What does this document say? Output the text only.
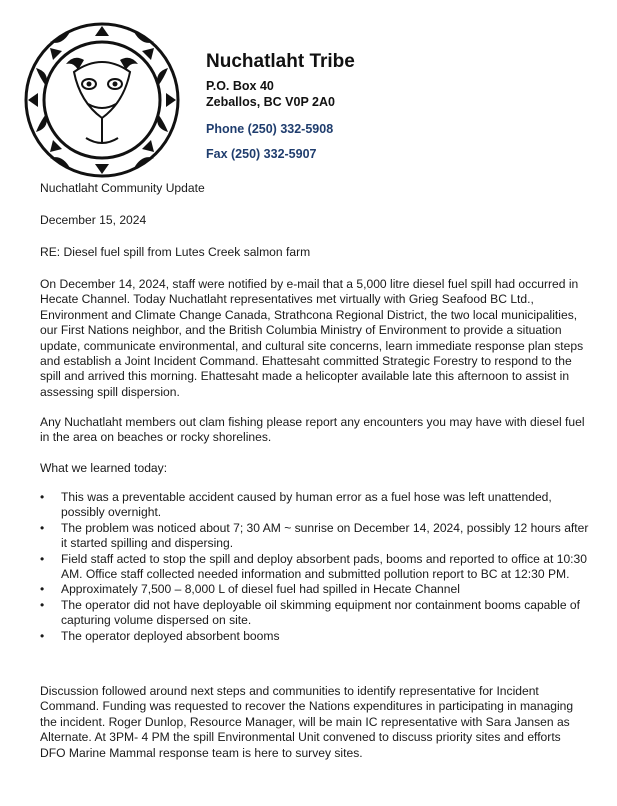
Nuchatlaht Tribe
P.O. Box 40
Zeballos, BC V0P 2A0
Phone (250) 332-5908
Fax (250) 332-5907
Nuchatlaht Community Update
December 15, 2024
RE: Diesel fuel spill from Lutes Creek salmon farm
On December 14, 2024, staff were notified by e-mail that a 5,000 litre diesel fuel spill had occurred in Hecate Channel. Today Nuchatlaht representatives met virtually with Grieg Seafood BC Ltd., Environment and Climate Change Canada, Strathcona Regional District, the two local municipalities, our First Nations neighbor, and the British Columbia Ministry of Environment to provide a situation update, communicate environmental, and cultural site concerns, learn immediate response plan steps and establish a Joint Incident Command. Ehattesaht committed Strategic Forestry to respond to the spill and arrived this morning. Ehattesaht made a helicopter available late this afternoon to assist in assessing spill dispersion.
Any Nuchatlaht members out clam fishing please report any encounters you may have with diesel fuel in the area on beaches or rocky shorelines.
What we learned today:
• This was a preventable accident caused by human error as a fuel hose was left unattended, possibly overnight.
• The problem was noticed about 7; 30 AM ~ sunrise on December 14, 2024, possibly 12 hours after it started spilling and dispersing.
• Field staff acted to stop the spill and deploy absorbent pads, booms and reported to office at 10:30 AM. Office staff collected needed information and submitted pollution report to BC at 12:30 PM.
• Approximately 7,500 – 8,000 L of diesel fuel had spilled in Hecate Channel
• The operator did not have deployable oil skimming equipment nor containment booms capable of capturing volume dispersed on site.
• The operator deployed absorbent booms
Discussion followed around next steps and communities to identify representative for Incident Command. Funding was requested to recover the Nations expenditures in participating in managing the incident. Roger Dunlop, Resource Manager, will be main IC representative with Sara Jansen as Alternate. At 3PM- 4 PM the spill Environmental Unit convened to discuss priority sites and efforts DFO Marine Mammal response team is here to survey sites.
